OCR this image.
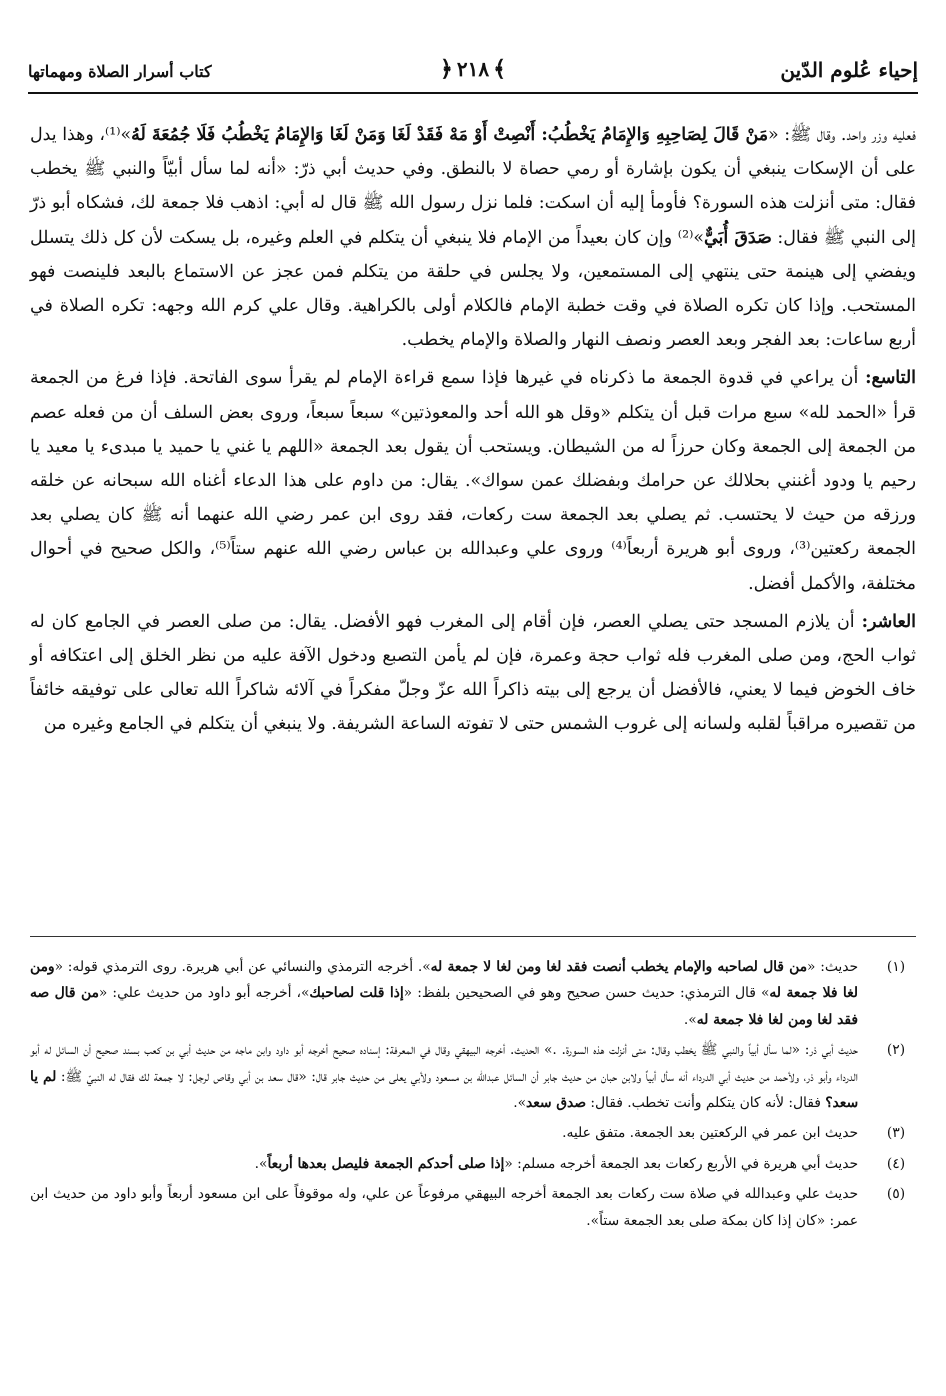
إحياء عُلوم الدّين
﴾٢١٨﴿
كتاب أسرار الصلاة ومهماتها

فعليه وزر واحد. وقال ﷺ: «مَنْ قَالَ لِصَاحِبِهِ وَالإِمَامُ يَخْطُبُ: أَنْصِتْ أَوْ مَهْ فَقَدْ لَغَا وَمَنْ لَغَا وَالإِمَامُ يَخْطُبُ فَلَا جُمُعَةَ لَهُ»⁽¹⁾، وهذا يدل على أن الإسكات ينبغي أن يكون بإشارة أو رمي حصاة لا بالنطق. وفي حديث أبي ذرّ: «أنه لما سأل أبيّاً والنبي ﷺ يخطب فقال: متى أنزلت هذه السورة؟ فأومأ إليه أن اسكت: فلما نزل رسول الله ﷺ قال له أبي: اذهب فلا جمعة لك، فشكاه أبو ذرّ إلى النبي ﷺ فقال: صَدَقَ أُبَيٌّ»⁽²⁾ وإن كان بعيداً من الإمام فلا ينبغي أن يتكلم في العلم وغيره، بل يسكت لأن كل ذلك يتسلل ويفضي إلى هينمة حتى ينتهي إلى المستمعين، ولا يجلس في حلقة من يتكلم فمن عجز عن الاستماع بالبعد فلينصت فهو المستحب. وإذا كان تكره الصلاة في وقت خطبة الإمام فالكلام أولى بالكراهية. وقال علي كرم الله وجهه: تكره الصلاة في أربع ساعات: بعد الفجر وبعد العصر ونصف النهار والصلاة والإمام يخطب.

التاسع: أن يراعي في قدوة الجمعة ما ذكرناه في غيرها فإذا سمع قراءة الإمام لم يقرأ سوى الفاتحة. فإذا فرغ من الجمعة قرأ «الحمد لله» سبع مرات قبل أن يتكلم «وقل هو الله أحد والمعوذتين» سبعاً سبعاً، وروى بعض السلف أن من فعله عصم من الجمعة إلى الجمعة وكان حرزاً له من الشيطان. ويستحب أن يقول بعد الجمعة «اللهم يا غني يا حميد يا مبدىء يا معيد يا رحيم يا ودود أغنني بحلالك عن حرامك وبفضلك عمن سواك». يقال: من داوم على هذا الدعاء أغناه الله سبحانه عن خلقه ورزقه من حيث لا يحتسب. ثم يصلي بعد الجمعة ست ركعات، فقد روى ابن عمر رضي الله عنهما أنه ﷺ كان يصلي بعد الجمعة ركعتين⁽³⁾، وروى أبو هريرة أربعاً⁽⁴⁾ وروى علي وعبدالله بن عباس رضي الله عنهم ستاً⁽⁵⁾، والكل صحيح في أحوال مختلفة، والأكمل أفضل.

العاشر: أن يلازم المسجد حتى يصلي العصر، فإن أقام إلى المغرب فهو الأفضل. يقال: من صلى العصر في الجامع كان له ثواب الحج، ومن صلى المغرب فله ثواب حجة وعمرة، فإن لم يأمن التصبع ودخول الآفة عليه من نظر الخلق إلى اعتكافه أو خاف الخوض فيما لا يعني، فالأفضل أن يرجع إلى بيته ذاكراً الله عزّ وجلّ مفكراً في آلائه شاكراً الله تعالى على توفيقه خائفاً من تقصيره مراقباً لقلبه ولسانه إلى غروب الشمس حتى لا تفوته الساعة الشريفة. ولا ينبغي أن يتكلم في الجامع وغيره من

(١)
حديث: «من قال لصاحبه والإمام يخطب أنصت فقد لغا ومن لغا لا جمعة له». أخرجه الترمذي والنسائي عن أبي هريرة. روى الترمذي قوله: «ومن لغا فلا جمعة له» قال الترمذي: حديث حسن صحيح وهو في الصحيحين بلفظ: «إذا قلت لصاحبك»، أخرجه أبو داود من حديث علي: «من قال صه فقد لغا ومن لغا فلا جمعة له».
(٢)
حديث أبي ذر: «لما سأل أبياً والنبي ﷺ يخطب وقال: متى أنزلت هذه السورة. .» الحديث. أخرجه البيهقي وقال في المعرفة: إسناده صحيح أخرجه أبو داود وابن ماجه من حديث أبي بن كعب بسند صحيح أن السائل له أبو الدرداء وأبو ذر، ولأحمد من حديث أبي الدرداء أنه سأل أبياً ولابن حبان من حديث جابر أن السائل عبدالله بن مسعود ولأبي يعلى من حديث جابر قال: «قال سعد بن أبي وقاص لرجل: لا جمعة لك فقال له النبيّ ﷺ: لم يا سعد؟ فقال: لأنه كان يتكلم وأنت تخطب. فقال: صدق سعد».
(٣)
حديث ابن عمر في الركعتين بعد الجمعة. متفق عليه.
(٤)
حديث أبي هريرة في الأربع ركعات بعد الجمعة أخرجه مسلم: «إذا صلى أحدكم الجمعة فليصل بعدها أربعاً».
(٥)
حديث علي وعبدالله في صلاة ست ركعات بعد الجمعة أخرجه البيهقي مرفوعاً عن علي، وله موقوفاً على ابن مسعود أربعاً وأبو داود من حديث ابن عمر: «كان إذا كان بمكة صلى بعد الجمعة ستاً».
